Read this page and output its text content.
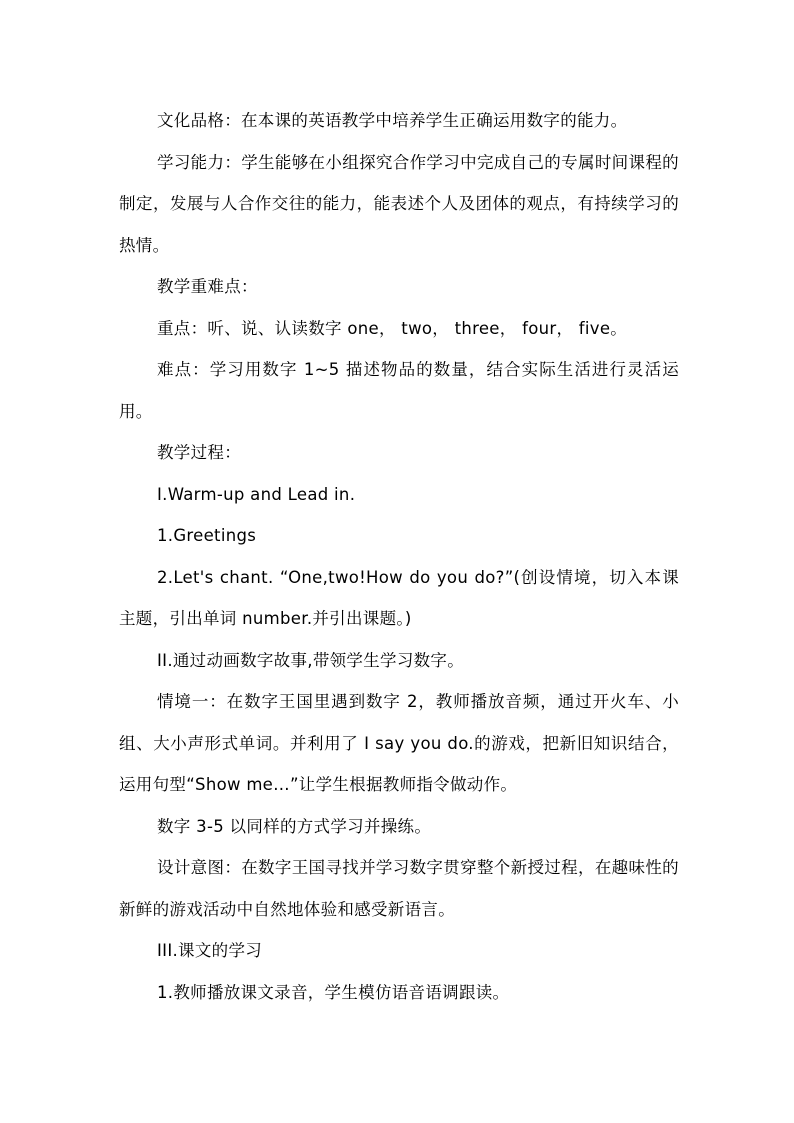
文化品格：在本课的英语教学中培养学生正确运用数字的能力。

学习能力：学生能够在小组探究合作学习中完成自己的专属时间课程的制定，发展与人合作交往的能力，能表述个人及团体的观点，有持续学习的热情。

教学重难点：

重点：听、说、认读数字 one， two， three， four， five。

难点：学习用数字 1~5 描述物品的数量，结合实际生活进行灵活运用。

教学过程：

I.Warm-up and Lead in.

1.Greetings

2.Let's chant. “One,two!How do you do?”(创设情境，切入本课主题，引出单词 number.并引出课题。)

II.通过动画数字故事,带领学生学习数字。

情境一：在数字王国里遇到数字 2，教师播放音频，通过开火车、小组、大小声形式单词。并利用了 I say you do.的游戏，把新旧知识结合，运用句型“Show me…”让学生根据教师指令做动作。

数字 3-5 以同样的方式学习并操练。

设计意图：在数字王国寻找并学习数字贯穿整个新授过程，在趣味性的新鲜的游戏活动中自然地体验和感受新语言。

III.课文的学习

1.教师播放课文录音，学生模仿语音语调跟读。
